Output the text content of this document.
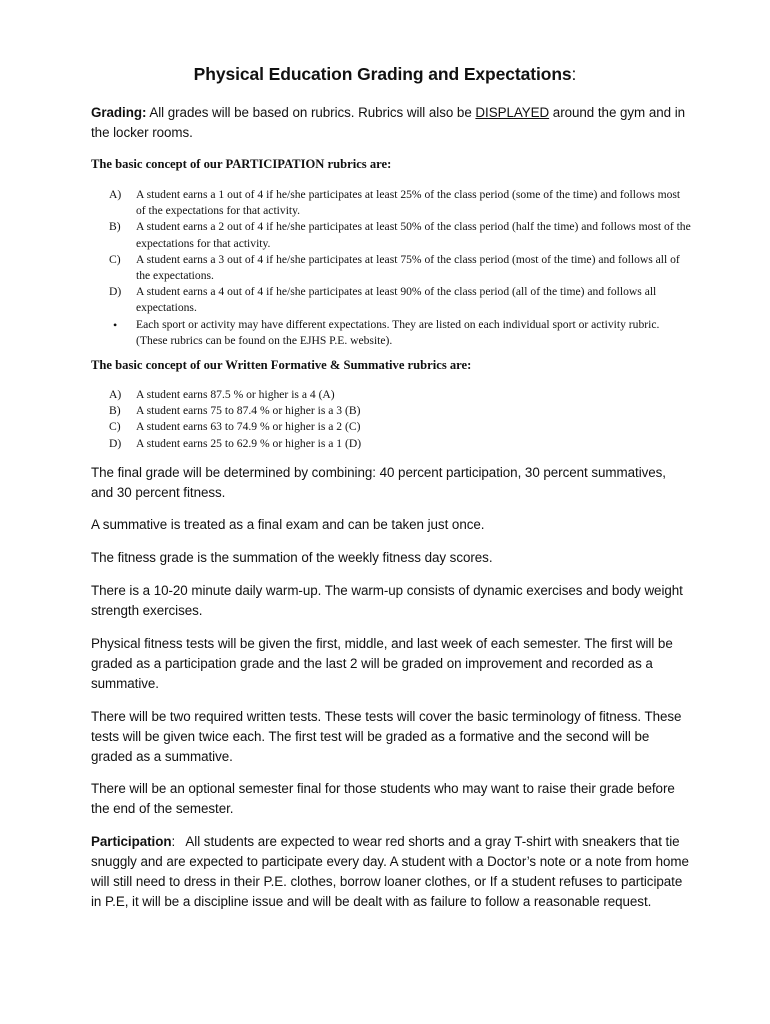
Physical Education Grading and Expectations:
Grading: All grades will be based on rubrics. Rubrics will also be DISPLAYED around the gym and in the locker rooms.
The basic concept of our PARTICIPATION rubrics are:
A) A student earns a 1 out of 4 if he/she participates at least 25% of the class period (some of the time) and follows most of the expectations for that activity.
B) A student earns a 2 out of 4 if he/she participates at least 50% of the class period (half the time) and follows most of the expectations for that activity.
C) A student earns a 3 out of 4 if he/she participates at least 75% of the class period (most of the time) and follows all of the expectations.
D) A student earns a 4 out of 4 if he/she participates at least 90% of the class period (all of the time) and follows all expectations.
• Each sport or activity may have different expectations. They are listed on each individual sport or activity rubric. (These rubrics can be found on the EJHS P.E. website).
The basic concept of our Written Formative & Summative rubrics are:
A) A student earns 87.5 % or higher is a 4 (A)
B) A student earns 75 to 87.4 % or higher is a 3 (B)
C) A student earns 63 to 74.9 % or higher is a 2 (C)
D) A student earns 25 to 62.9 % or higher is a 1 (D)
The final grade will be determined by combining: 40 percent participation, 30 percent summatives, and 30 percent fitness.
A summative is treated as a final exam and can be taken just once.
The fitness grade is the summation of the weekly fitness day scores.
There is a 10-20 minute daily warm-up. The warm-up consists of dynamic exercises and body weight strength exercises.
Physical fitness tests will be given the first, middle, and last week of each semester. The first will be graded as a participation grade and the last 2 will be graded on improvement and recorded as a summative.
There will be two required written tests. These tests will cover the basic terminology of fitness. These tests will be given twice each. The first test will be graded as a formative and the second will be graded as a summative.
There will be an optional semester final for those students who may want to raise their grade before the end of the semester.
Participation:   All students are expected to wear red shorts and a gray T-shirt with sneakers that tie snuggly and are expected to participate every day. A student with a Doctor’s note or a note from home will still need to dress in their P.E. clothes, borrow loaner clothes, or If a student refuses to participate in P.E, it will be a discipline issue and will be dealt with as failure to follow a reasonable request.
